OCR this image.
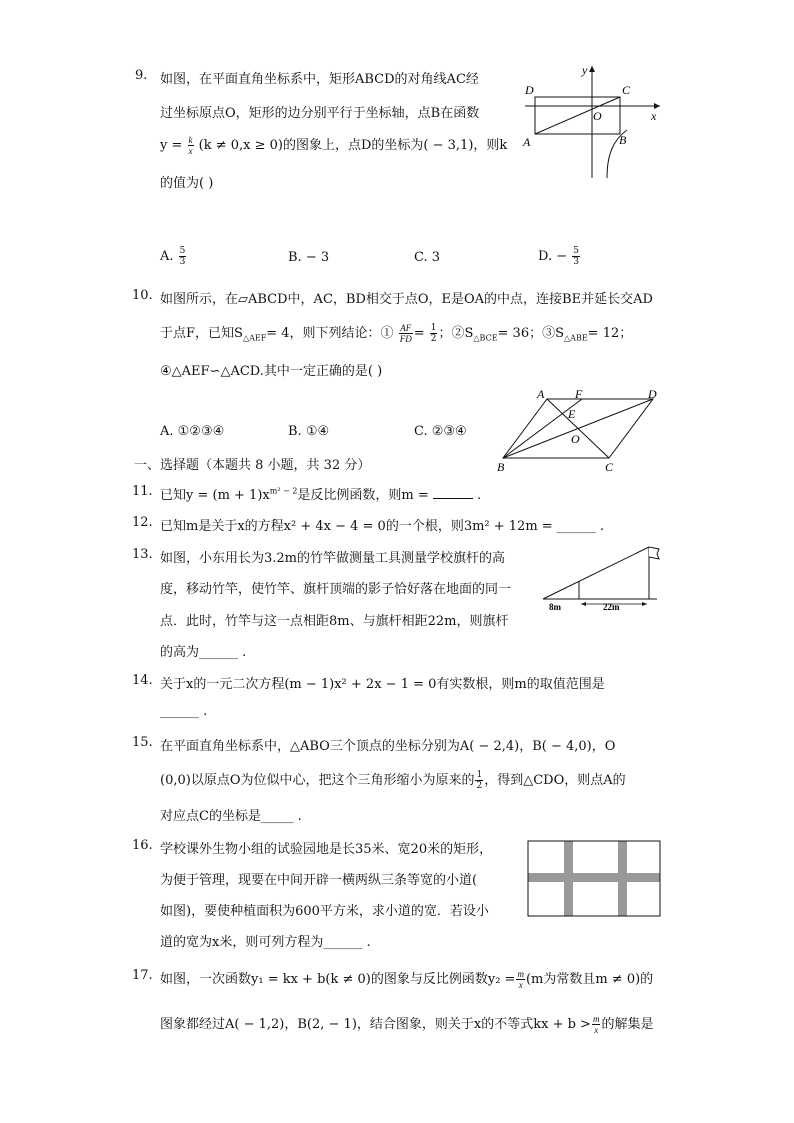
9. 如图，在平面直角坐标系中，矩形ABCD的对角线AC经
过坐标原点O，矩形的边分别平行于坐标轴，点B在函数
$y = \frac{k}{x} (k \ne 0,x \ge 0)$的图象上，点D的坐标为( − 3,1)，则k
的值为( )
A. $\frac{5}{3}$	B. − 3	C. 3	D. − $\frac{5}{3}$
D	C
A	B
O	x
y
10. 如图所示，在▱ABCD中，AC，BD相交于点O，E是OA的中点，连接BE并延长交AD
于点F，已知$S_{\triangle AEF}= 4$，则下列结论：① $\frac{AF}{FD} = \frac{1}{2}$ ；$②S_{\triangle BCE}= 36$；$③S_{\triangle ABE}= 12$；
④△AEF∽△ACD.其中一定正确的是( )
A. ①②③④	B. ①④	C. ②③④
A	F	D
E
O
B	C
一、选择题（本题共 8 小题，共 32 分）
11. 已知$y = (m + 1)x^{m^2 - 2}$是反比例函数，则m =	.
12. 已知m是关于x的方程x² + 4x − 4 = 0的一个根，则3m² + 12m = ______ .
13. 如图，小东用长为3.2m的竹竿做测量工具测量学校旗杆的高
度，移动竹竿，使竹竿、旗杆顶端的影子恰好落在地面的同一
点．此时，竹竿与这一点相距8m、与旗杆相距22m，则旗杆
的高为______ .
8m	22m
14. 关于x的一元二次方程(m − 1)x² + 2x − 1 = 0有实数根，则m的取值范围是
______ .
15. 在平面直角坐标系中，△ABO三个顶点的坐标分别为A( − 2,4)，B( − 4,0)，O
(0,0)以原点O为位似中心，把这个三角形缩小为原来的 $\frac{1}{2}$ ，得到△CDO，则点A的
对应点C的坐标是_____ .
16. 学校课外生物小组的试验园地是长35米、宽20米的矩形，
为便于管理，现要在中间开辟一横两纵三条等宽的小道(
如图)，要使种植面积为600平方米，求小道的宽．若设小
道的宽为x米，则可列方程为______ .
17. 如图，一次函数y₁ = kx + b(k ≠ 0)的图象与反比例函数$y_2 = \frac{m}{x} (m$为常数且m ≠ 0)的
图象都经过A( − 1,2)，B(2, − 1)，结合图象，则关于x的不等式kx + $b > \frac{m}{x}$ 的解集是
